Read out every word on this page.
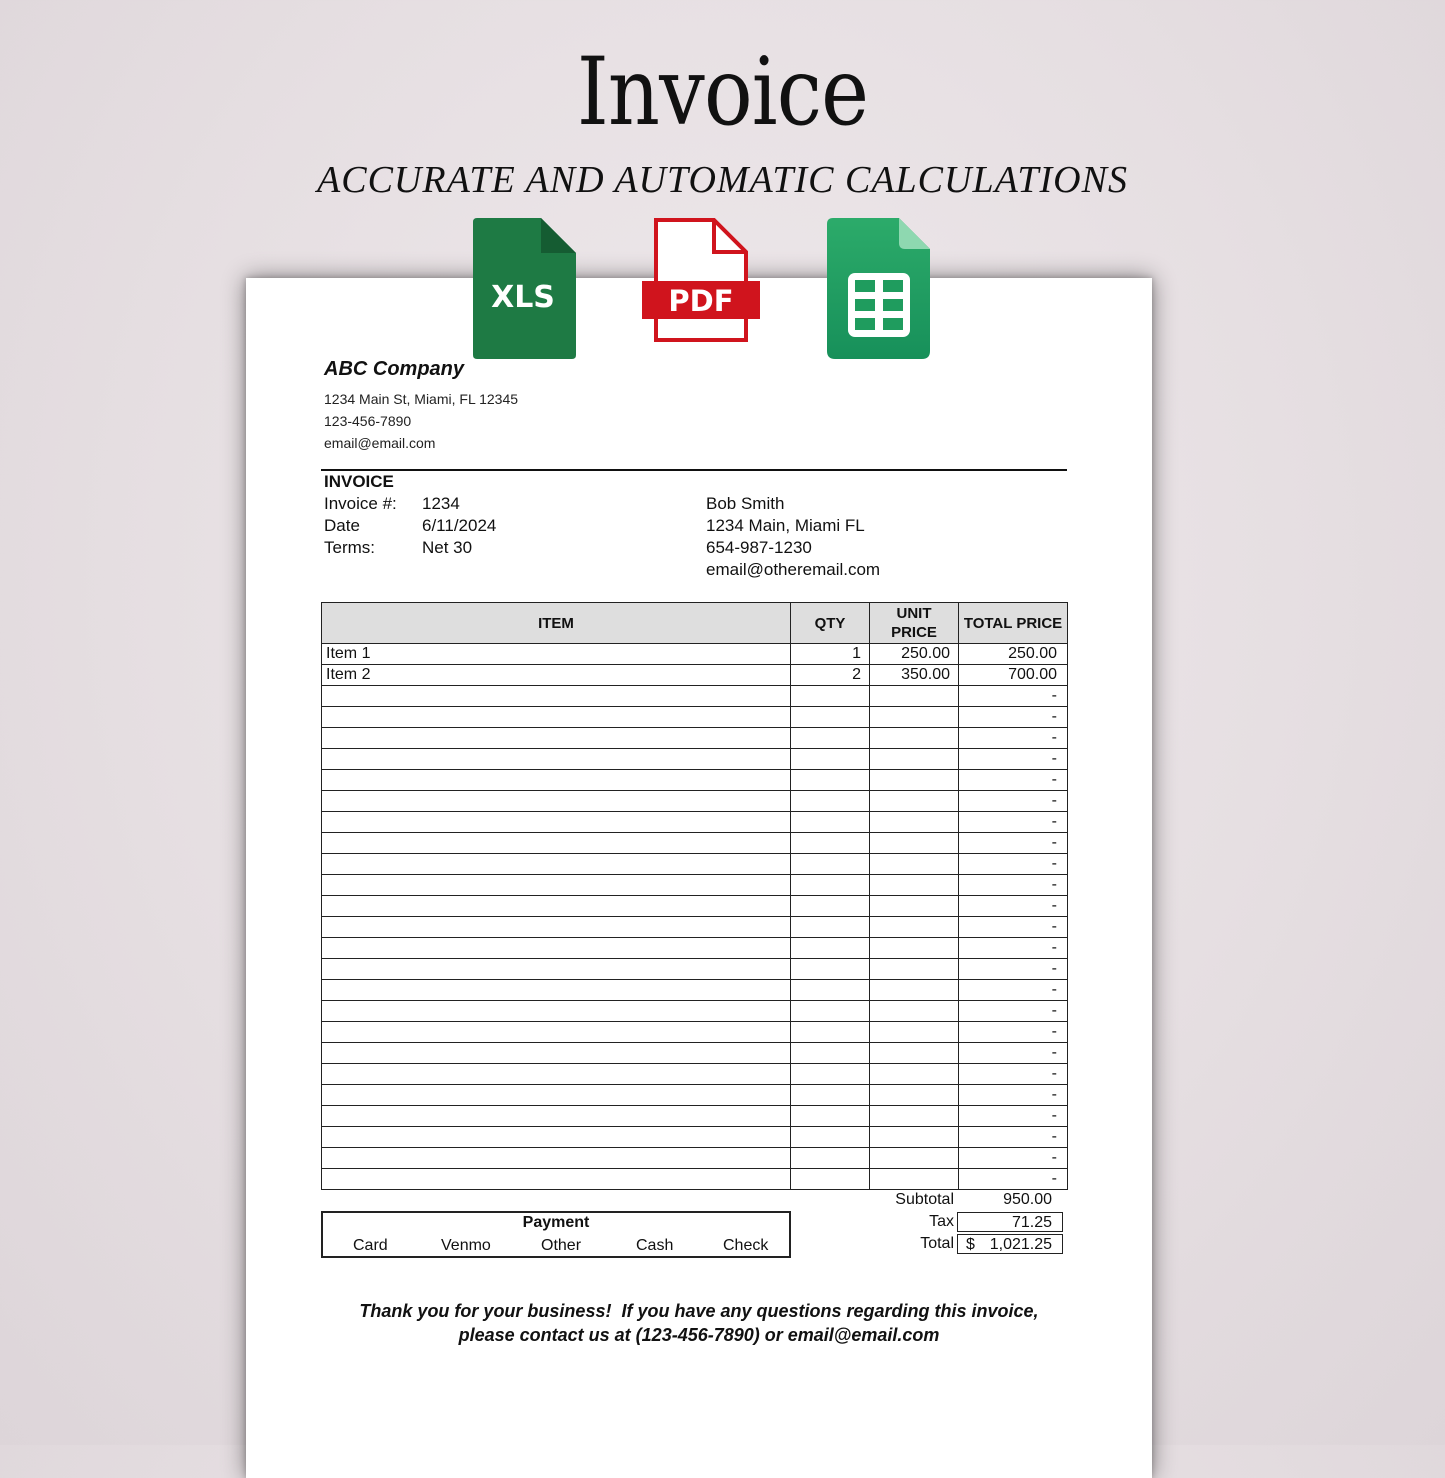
Invoice
ACCURATE AND AUTOMATIC CALCULATIONS
ABC Company
1234 Main St, Miami, FL 12345
123-456-7890
email@email.com
INVOICE
Invoice #: 1234
Date	6/11/2024
Terms:	Net 30
Bob Smith
1234 Main, Miami FL
654-987-1230
email@otheremail.com
ITEM	QTY	UNIT PRICE	TOTAL PRICE
Item 1	1	250.00	250.00
Item 2	2	350.00	700.00
			-
			-
			-
			-
			-
			-
			-
			-
			-
			-
			-
			-
			-
			-
			-
			-
			-
			-
			-
			-
			-
			-
			-
			-
Payment
Card	Venmo	Other	Cash	Check
Subtotal	950.00
Tax	71.25
Total $ 1,021.25
Thank you for your business!  If you have any questions regarding this invoice,
please contact us at (123-456-7890) or email@email.com
XLS	PDF
